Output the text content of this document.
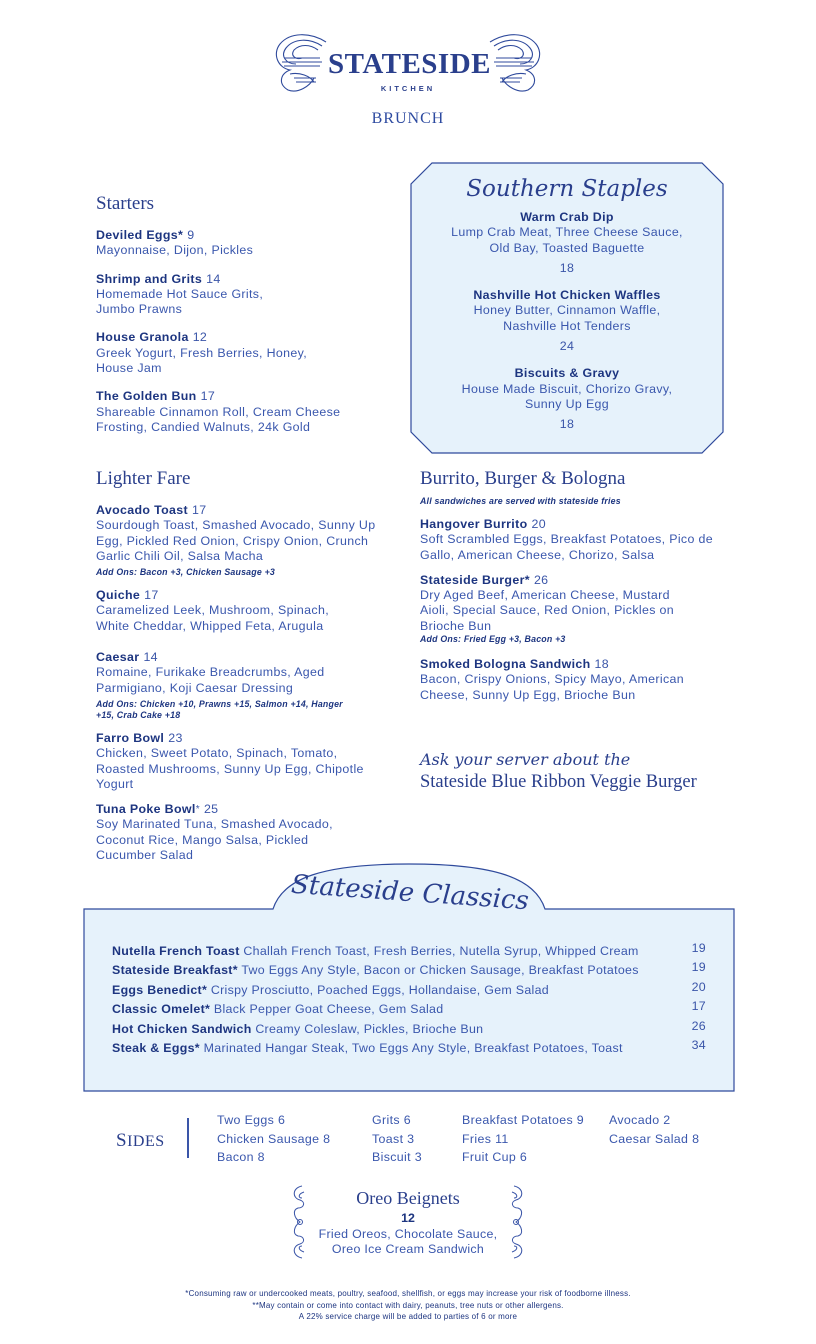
STATESIDE
KITCHEN
BRUNCH
Starters
Deviled Eggs* 9
Mayonnaise, Dijon, Pickles
Shrimp and Grits 14
Homemade Hot Sauce Grits, Jumbo Prawns
House Granola 12
Greek Yogurt, Fresh Berries, Honey, House Jam
The Golden Bun 17
Shareable Cinnamon Roll, Cream Cheese Frosting, Candied Walnuts, 24k Gold
Southern Staples
Warm Crab Dip
Lump Crab Meat, Three Cheese Sauce, Old Bay, Toasted Baguette
18
Nashville Hot Chicken Waffles
Honey Butter, Cinnamon Waffle, Nashville Hot Tenders
24
Biscuits & Gravy
House Made Biscuit, Chorizo Gravy, Sunny Up Egg
18
Lighter Fare
Avocado Toast 17
Sourdough Toast, Smashed Avocado, Sunny Up Egg, Pickled Red Onion, Crispy Onion, Crunch Garlic Chili Oil, Salsa Macha
Add Ons: Bacon +3, Chicken Sausage +3
Quiche 17
Caramelized Leek, Mushroom, Spinach, White Cheddar, Whipped Feta, Arugula
Caesar 14
Romaine, Furikake Breadcrumbs, Aged Parmigiano, Koji Caesar Dressing
Add Ons: Chicken +10, Prawns +15, Salmon +14, Hanger +15, Crab Cake +18
Farro Bowl 23
Chicken, Sweet Potato, Spinach, Tomato, Roasted Mushrooms, Sunny Up Egg, Chipotle Yogurt
Tuna Poke Bowl* 25
Soy Marinated Tuna, Smashed Avocado, Coconut Rice, Mango Salsa, Pickled Cucumber Salad
Burrito, Burger & Bologna
All sandwiches are served with stateside fries
Hangover Burrito 20
Soft Scrambled Eggs, Breakfast Potatoes, Pico de Gallo, American Cheese, Chorizo, Salsa
Stateside Burger* 26
Dry Aged Beef, American Cheese, Mustard Aioli, Special Sauce, Red Onion, Pickles on Brioche Bun
Add Ons: Fried Egg +3, Bacon +3
Smoked Bologna Sandwich 18
Bacon, Crispy Onions, Spicy Mayo, American Cheese, Sunny Up Egg, Brioche Bun
Ask your server about the
Stateside Blue Ribbon Veggie Burger
Stateside Classics
Nutella French Toast Challah French Toast, Fresh Berries, Nutella Syrup, Whipped Cream	19
Stateside Breakfast* Two Eggs Any Style, Bacon or Chicken Sausage, Breakfast Potatoes	19
Eggs Benedict* Crispy Prosciutto, Poached Eggs, Hollandaise, Gem Salad	20
Classic Omelet* Black Pepper Goat Cheese, Gem Salad	17
Hot Chicken Sandwich Creamy Coleslaw, Pickles, Brioche Bun	26
Steak & Eggs* Marinated Hangar Steak, Two Eggs Any Style, Breakfast Potatoes, Toast	34
SIDES
Two Eggs 6
Chicken Sausage 8
Bacon 8
Grits 6
Toast 3
Biscuit 3
Breakfast Potatoes 9
Fries 11
Fruit Cup 6
Avocado 2
Caesar Salad 8
Oreo Beignets
12
Fried Oreos, Chocolate Sauce,
Oreo Ice Cream Sandwich
*Consuming raw or undercooked meats, poultry, seafood, shellfish, or eggs may increase your risk of foodborne illness.
**May contain or come into contact with dairy, peanuts, tree nuts or other allergens.
A 22% service charge will be added to parties of 6 or more
